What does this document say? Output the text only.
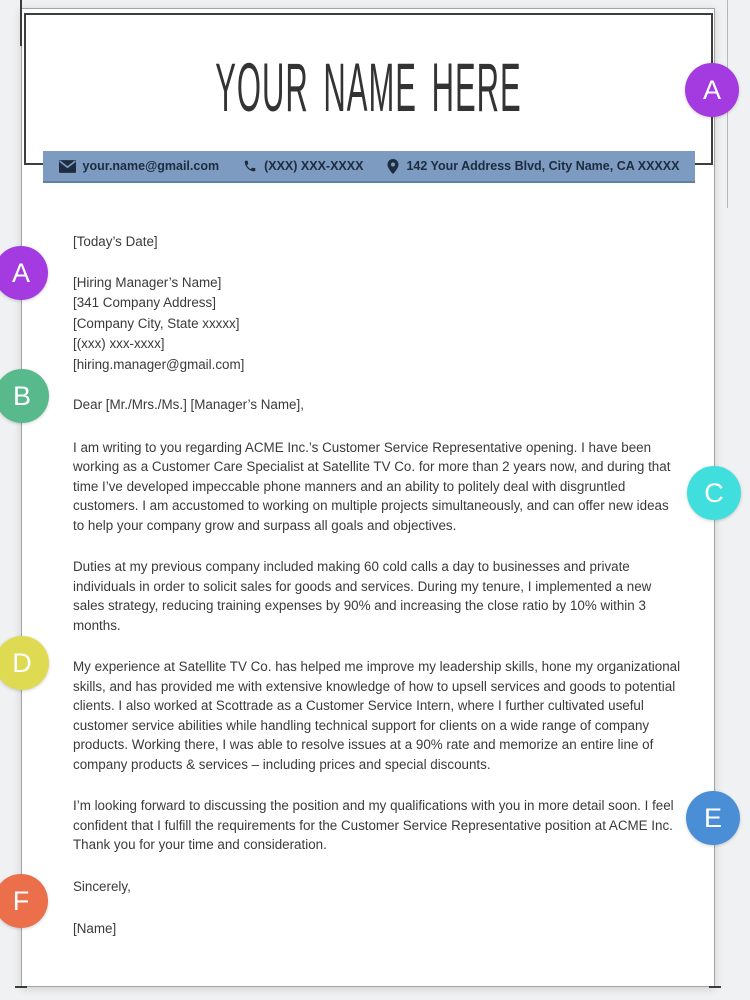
YOUR NAME HERE
your.name@gmail.com	(XXX) XXX-XXXX	142 Your Address Blvd, City Name, CA XXXXX
[Today’s Date]
[Hiring Manager’s Name]
[341 Company Address]
[Company City, State xxxxx]
[(xxx) xxx-xxxx]
[hiring.manager@gmail.com]
Dear [Mr./Mrs./Ms.] [Manager’s Name],
I am writing to you regarding ACME Inc.’s Customer Service Representative opening. I have been working as a Customer Care Specialist at Satellite TV Co. for more than 2 years now, and during that time I’ve developed impeccable phone manners and an ability to politely deal with disgruntled customers. I am accustomed to working on multiple projects simultaneously, and can offer new ideas to help your company grow and surpass all goals and objectives.
Duties at my previous company included making 60 cold calls a day to businesses and private individuals in order to solicit sales for goods and services. During my tenure, I implemented a new sales strategy, reducing training expenses by 90% and increasing the close ratio by 10% within 3 months.
My experience at Satellite TV Co. has helped me improve my leadership skills, hone my organizational skills, and has provided me with extensive knowledge of how to upsell services and goods to potential clients. I also worked at Scottrade as a Customer Service Intern, where I further cultivated useful customer service abilities while handling technical support for clients on a wide range of company products. Working there, I was able to resolve issues at a 90% rate and memorize an entire line of company products & services – including prices and special discounts.
I’m looking forward to discussing the position and my qualifications with you in more detail soon. I feel confident that I fulfill the requirements for the Customer Service Representative position at ACME Inc. Thank you for your time and consideration.
Sincerely,
[Name]
A
A
B
C
D
E
F
